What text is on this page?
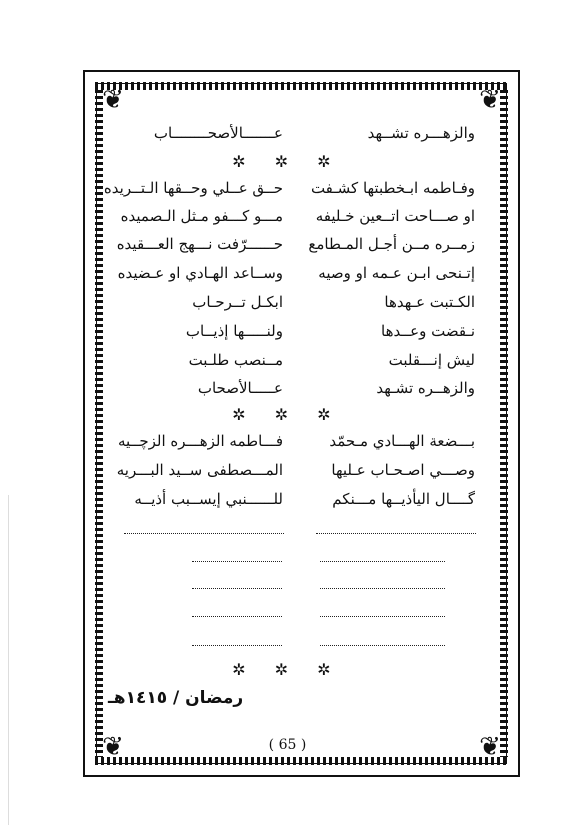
❦	❦
❦	❦
والزهـــره تشــهد
عـــــــالأصحــــــــاب
✲ ✲ ✲
وفـاطمه ابـخطبتها كشـفت
حــق عــلي وحــقها الـتــريده
او صـــاحت اتــعين خـليفه
مـــو كـــفو مـثل الـصميده
زمــره مــن أجـل المـطامع
حــــــرّفت نـــهج العـــقيده
إتـنحى ابـن عـمه او وصيه
وســاعد الهـادي او عـضيده
الكـتبت عـهدها
ابكـل تــرحـاب
نـقضت وعــدها
ولنـــــها إذيــاب
ليش إنـــقلبت
مــنصب طلـبت
والزهــره تشـهد
عـــــالأصحاب
✲ ✲ ✲
بـــضعة الهـــادي مـحمّد
فـــاطمه الزهـــره الزچــيه
وصـــي اصـحـاب عـليها
المـــصطفى ســيد البـــريه
گــــال اليأذيــها مـــنكم
للــــــنبي إيســبب أذيــه
✲ ✲ ✲
رمضان / ١٤١٥هـ
( 65 )
